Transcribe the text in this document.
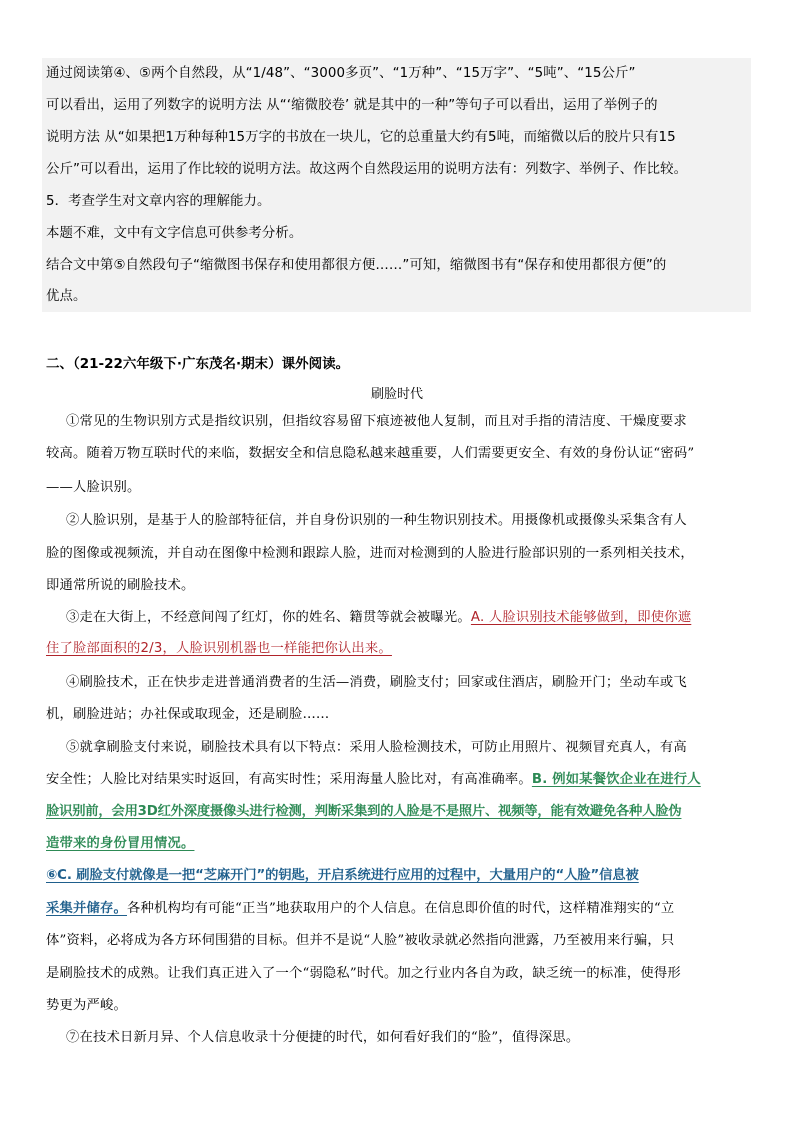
通过阅读第④、⑤两个自然段，从“1/48”、“3000多页”、“1万种”、“15万字”、“5吨”、“15公斤”
可以看出，运用了列数字的说明方法 从“‘缩微胶卷’ 就是其中的一种”等句子可以看出，运用了举例子的
说明方法 从“如果把1万种每种15万字的书放在一块儿，它的总重量大约有5吨，而缩微以后的胶片只有15
公斤”可以看出，运用了作比较的说明方法。故这两个自然段运用的说明方法有：列数字、举例子、作比较。
5．考查学生对文章内容的理解能力。
本题不难，文中有文字信息可供参考分析。
结合文中第⑤自然段句子“缩微图书保存和使用都很方便……”可知，缩微图书有“保存和使用都很方便”的
优点。
二、（21-22六年级下·广东茂名·期末）课外阅读。
刷脸时代
①常见的生物识别方式是指纹识别，但指纹容易留下痕迹被他人复制，而且对手指的清洁度、干燥度要求
较高。随着万物互联时代的来临，数据安全和信息隐私越来越重要，人们需要更安全、有效的身份认证“密码”
——人脸识别。
②人脸识别，是基于人的脸部特征信，并自身份识别的一种生物识别技术。用摄像机或摄像头采集含有人
脸的图像或视频流，并自动在图像中检测和跟踪人脸，进而对检测到的人脸进行脸部识别的一系列相关技术，
即通常所说的刷脸技术。
③走在大街上，不经意间闯了红灯，你的姓名、籍贯等就会被曝光。A. 人脸识别技术能够做到，即使你遮
住了脸部面积的2/3，人脸识别机器也一样能把你认出来。
④刷脸技术，正在快步走进普通消费者的生活—消费，刷脸支付；回家或住酒店，刷脸开门；坐动车或飞
机，刷脸进站；办社保或取现金，还是刷脸……
⑤就拿刷脸支付来说，刷脸技术具有以下特点：采用人脸检测技术，可防止用照片、视频冒充真人，有高
安全性；人脸比对结果实时返回，有高实时性；采用海量人脸比对，有高准确率。B. 例如某餐饮企业在进行人
脸识别前，会用3D红外深度摄像头进行检测，判断采集到的人脸是不是照片、视频等，能有效避免各种人脸伪
造带来的身份冒用情况。
⑥C. 刷脸支付就像是一把“芝麻开门”的钥匙，开启系统进行应用的过程中，大量用户的“人脸”信息被
采集并储存。各种机构均有可能“正当”地获取用户的个人信息。在信息即价值的时代，这样精准翔实的“立
体”资料，必将成为各方环伺围猎的目标。但并不是说“人脸”被收录就必然指向泄露，乃至被用来行骗，只
是刷脸技术的成熟。让我们真正进入了一个“弱隐私”时代。加之行业内各自为政，缺乏统一的标准，使得形
势更为严峻。
⑦在技术日新月异、个人信息收录十分便捷的时代，如何看好我们的“脸”，值得深思。
